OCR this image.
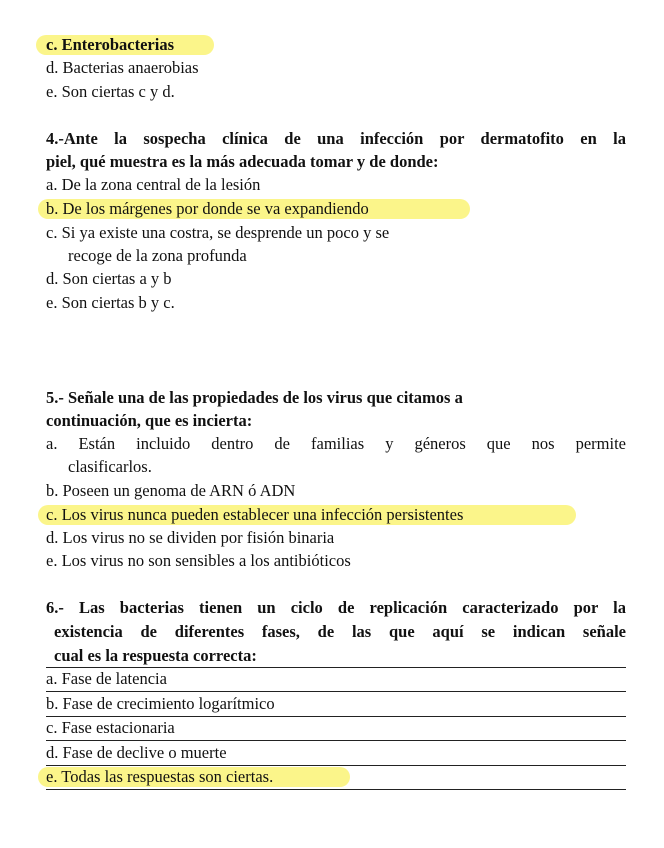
c. Enterobacterias
d. Bacterias anaerobias
e. Son ciertas c y d.
4.-Ante la sospecha clínica de una infección por dermatofito en la
piel, qué muestra es la más adecuada tomar y de donde:
a. De la zona central de la lesión
b. De los márgenes por donde se va expandiendo
c. Si ya existe una costra, se desprende un poco y se
recoge de la zona profunda
d. Son ciertas a y b
e. Son ciertas b y c.
5.- Señale una de las propiedades de los virus que citamos a
continuación, que es incierta:
a. Están incluido dentro de familias y géneros que nos permite
clasificarlos.
b. Poseen un genoma de ARN ó ADN
c. Los virus nunca pueden establecer una infección persistentes
d. Los virus no se dividen por fisión binaria
e. Los virus no son sensibles a los antibióticos
6.- Las bacterias tienen un ciclo de replicación caracterizado por la
existencia de diferentes fases, de las que aquí se indican señale
cual es la respuesta correcta:
a. Fase de latencia
b. Fase de crecimiento logarítmico
c. Fase estacionaria
d. Fase de declive o muerte
e. Todas las respuestas son ciertas.
